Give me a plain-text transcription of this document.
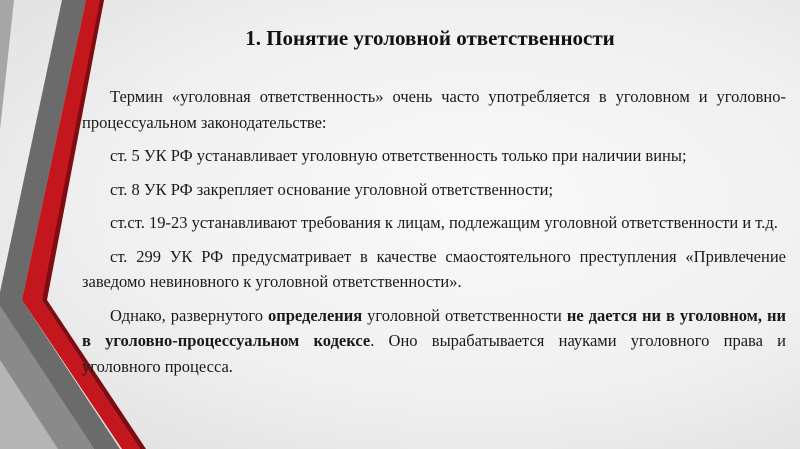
1. Понятие уголовной ответственности

Термин «уголовная ответственность» очень часто употребляется в уголовном и уголовно-процессуальном законодательстве:

ст. 5 УК РФ устанавливает уголовную ответственность только при наличии вины;

ст. 8 УК РФ закрепляет основание уголовной ответственности;

ст.ст. 19-23 устанавливают требования к лицам, подлежащим уголовной ответственности и т.д.

ст. 299 УК РФ предусматривает в качестве смаостоятельного преступления «Привлечение заведомо невиновного к уголовной ответственности».

Однако, развернутого определения уголовной ответственности не дается ни в уголовном, ни в уголовно-процессуальном кодексе. Оно вырабатывается науками уголовного права и уголовного процесса.
